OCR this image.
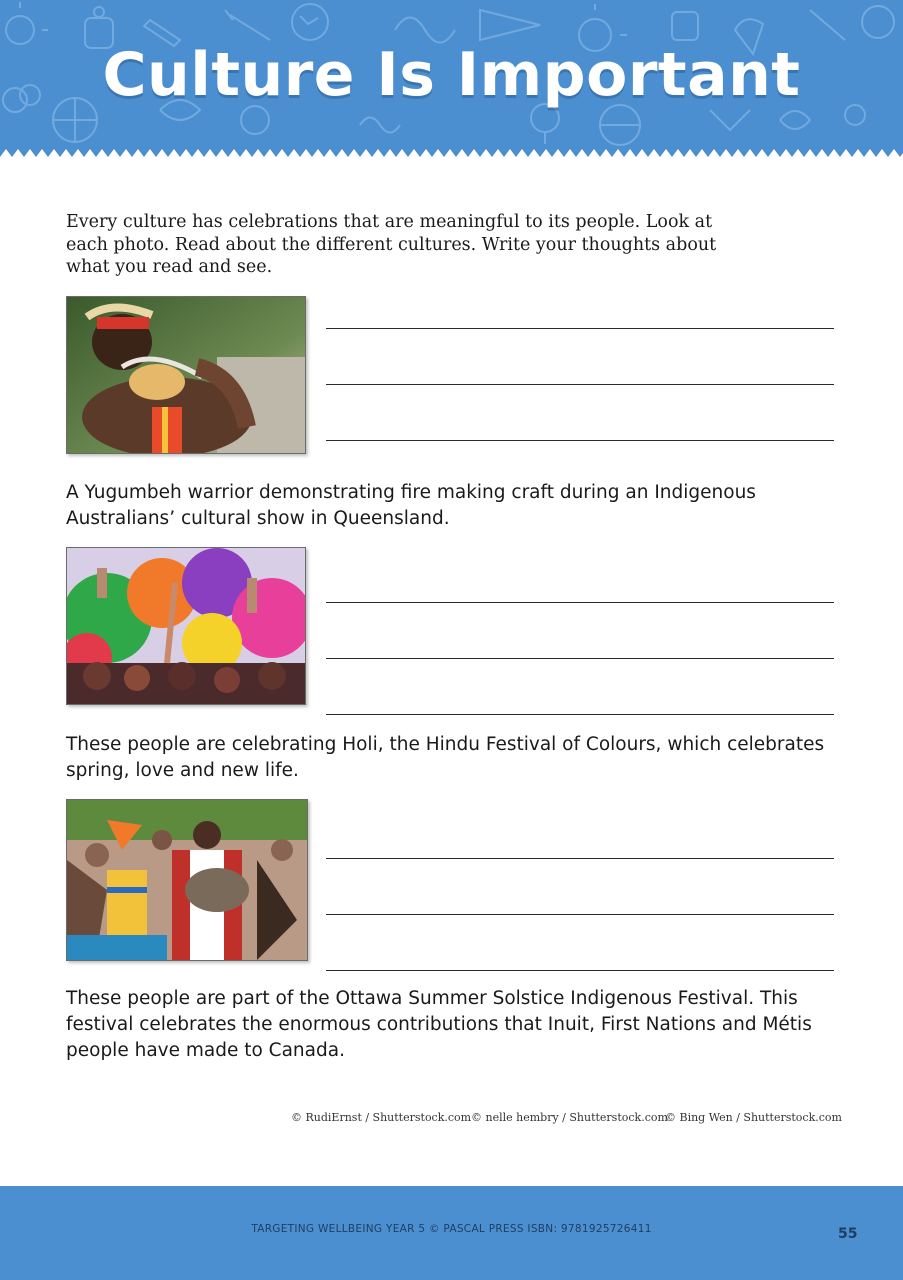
Culture Is Important
Every culture has celebrations that are meaningful to its people. Look at each photo. Read about the different cultures. Write your thoughts about what you read and see.
A Yugumbeh warrior demonstrating fire making craft during an Indigenous Australians’ cultural show in Queensland.
These people are celebrating Holi, the Hindu Festival of Colours, which celebrates spring, love and new life.
These people are part of the Ottawa Summer Solstice Indigenous Festival. This festival celebrates the enormous contributions that Inuit, First Nations and Métis people have made to Canada.
© RudiErnst / Shutterstock.com © nelle hembry / Shutterstock.com
© Bing Wen / Shutterstock.com
TARGETING WELLBEING YEAR 5 © PASCAL PRESS ISBN: 9781925726411	55
